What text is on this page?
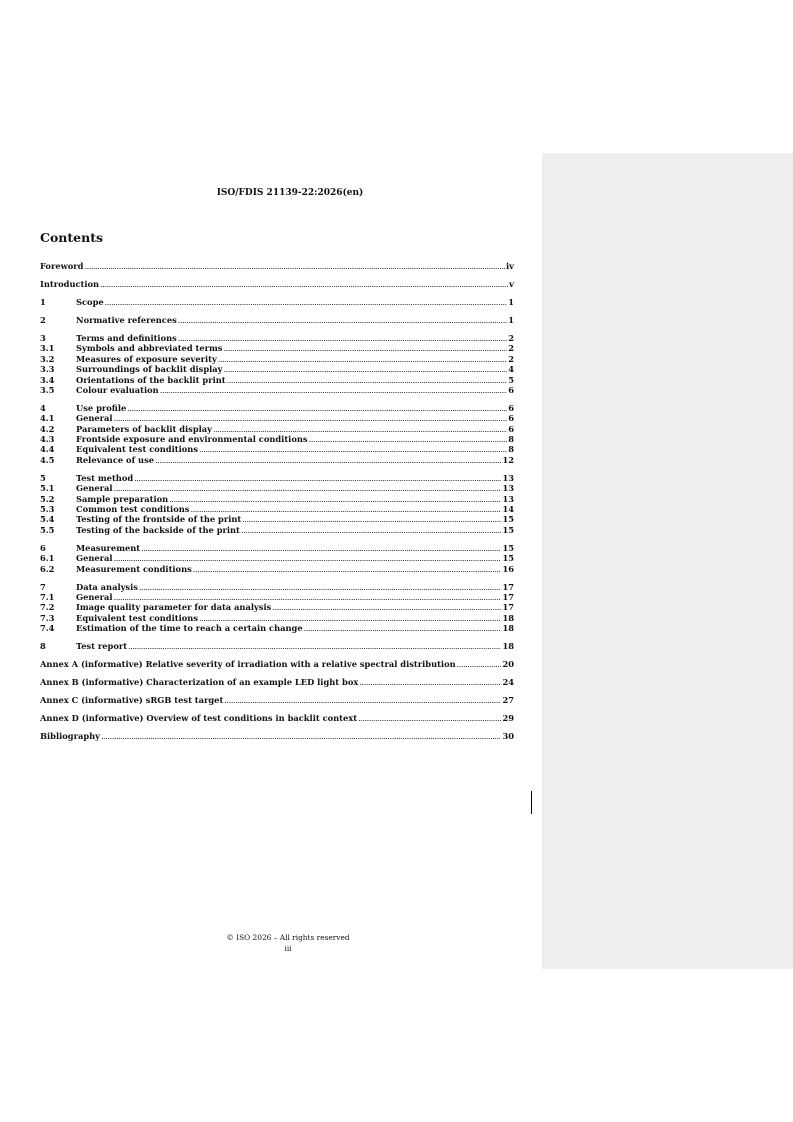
ISO/FDIS 21139-22:2026(en)
Contents
Foreword .....	iv
Introduction .....	v
1	Scope .....	1
2	Normative references .....	1
3	Terms and definitions .....	2
3.1	Symbols and abbreviated terms .....	2
3.2	Measures of exposure severity .....	2
3.3	Surroundings of backlit display .....	4
3.4	Orientations of the backlit print .....	5
3.5	Colour evaluation .....	6
4	Use profile .....	6
4.1	General .....	6
4.2	Parameters of backlit display .....	6
4.3	Frontside exposure and environmental conditions .....	8
4.4	Equivalent test conditions .....	8
4.5	Relevance of use .....	12
5	Test method .....	13
5.1	General .....	13
5.2	Sample preparation .....	13
5.3	Common test conditions .....	14
5.4	Testing of the frontside of the print .....	15
5.5	Testing of the backside of the print .....	15
6	Measurement .....	15
6.1	General .....	15
6.2	Measurement conditions .....	16
7	Data analysis .....	17
7.1	General .....	17
7.2	Image quality parameter for data analysis .....	17
7.3	Equivalent test conditions .....	18
7.4	Estimation of the time to reach a certain change .....	18
8	Test report .....	18
Annex A (informative) Relative severity of irradiation with a relative spectral distribution .....	20
Annex B (informative) Characterization of an example LED light box .....	24
Annex C (informative) sRGB test target .....	27
Annex D (informative) Overview of test conditions in backlit context .....	29
Bibliography .....	30
© ISO 2026 – All rights reserved
iii
